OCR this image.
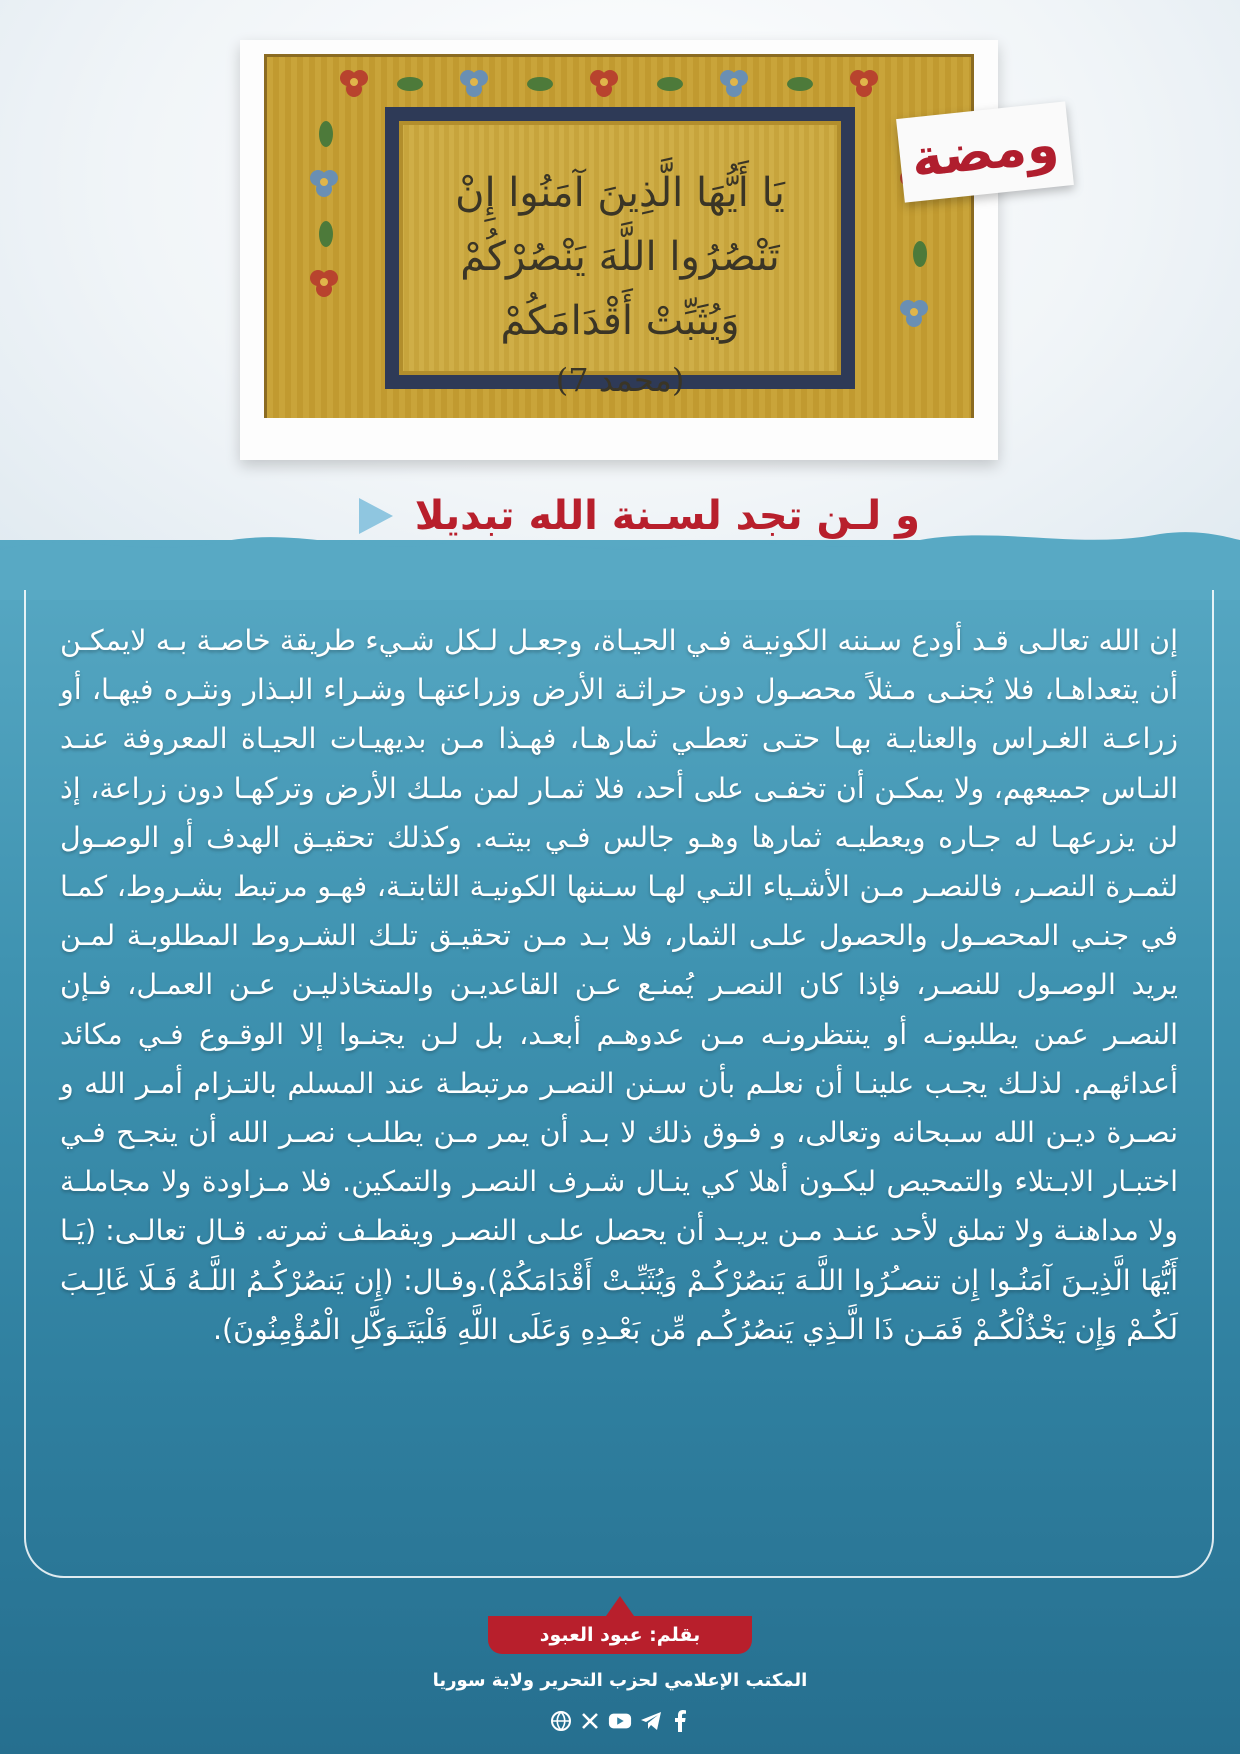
يَا أَيُّهَا الَّذِينَ آمَنُوا إِنْ
تَنْصُرُوا اللَّهَ يَنْصُرْكُمْ
وَيُثَبِّتْ أَقْدَامَكُمْ
(محمد 7)
ومضة
و لـن تجد لسـنة الله تبديلا

إن الله تعالـى قـد أودع سـننه الكونيـة فـي الحيـاة، وجعـل لـكل شـيء طريقة خاصـة بـه لايمكـن أن يتعداهـا، فلا يُجنـى مـثلاً محصـول دون حراثـة الأرض وزراعتهـا وشـراء البـذار ونثـره فيهـا، أو زراعـة الغـراس والعنايـة بهـا حتـى تعطـي ثمارهـا، فهـذا مـن بديهيـات الحيـاة المعروفة عنـد النـاس جميعهم، ولا يمكـن أن تخفـى على أحد، فلا ثمـار لمن ملـك الأرض وتركهـا دون زراعة، إذ لن يزرعهـا له جـاره ويعطيـه ثمارها وهـو جالس فـي بيتـه. وكذلك تحقيـق الهدف أو الوصـول لثمـرة النصـر، فالنصـر مـن الأشـياء التـي لهـا سـننها الكونيـة الثابتـة، فهـو مرتبط بشـروط، كمـا في جنـي المحصـول والحصول علـى الثمار، فلا بـد مـن تحقيـق تلـك الشـروط المطلوبـة لمـن يريد الوصـول للنصـر، فإذا كان النصـر يُمنـع عـن القاعديـن والمتخاذليـن عـن العمـل، فـإن النصـر عمن يطلبونـه أو ينتظرونـه مـن عدوهـم أبعـد، بل لـن يجنـوا إلا الوقـوع فـي مكائد أعدائهـم. لذلـك يجـب علينـا أن نعلـم بأن سـنن النصـر مرتبطـة عند المسلم بالتـزام أمـر الله و نصـرة ديـن الله سـبحانه وتعالى، و فـوق ذلك لا بـد أن يمر مـن يطلـب نصـر الله أن ينجـح فـي اختبـار الابـتلاء والتمحيص ليكـون أهلا كي ينـال شـرف النصـر والتمكين. فلا مـزاودة ولا مجاملـة ولا مداهنـة ولا تملق لأحد عنـد مـن يريـد أن يحصل علـى النصـر ويقطـف ثمرته. قـال تعالـى: (يَـا أَيُّهَا الَّذِيـنَ آمَنُـوا إِن تنصـُرُوا اللَّـهَ يَنصُرْكُـمْ وَيُثَبِّـتْ أَقْدَامَكُمْ).وقـال: (إِن يَنصُرْكُـمُ اللَّـهُ فَـلَا غَالِـبَ لَكُـمْ وَإِن يَخْذُلْكُـمْ فَمَـن ذَا الَّـذِي يَنصُرُكُـم مِّن بَعْـدِهِ وَعَلَى اللَّهِ فَلْيَتَـوَكَّلِ الْمُؤْمِنُونَ).

بقلم: عبود العبود
المكتب الإعلامي لحزب التحرير ولاية سوريا
